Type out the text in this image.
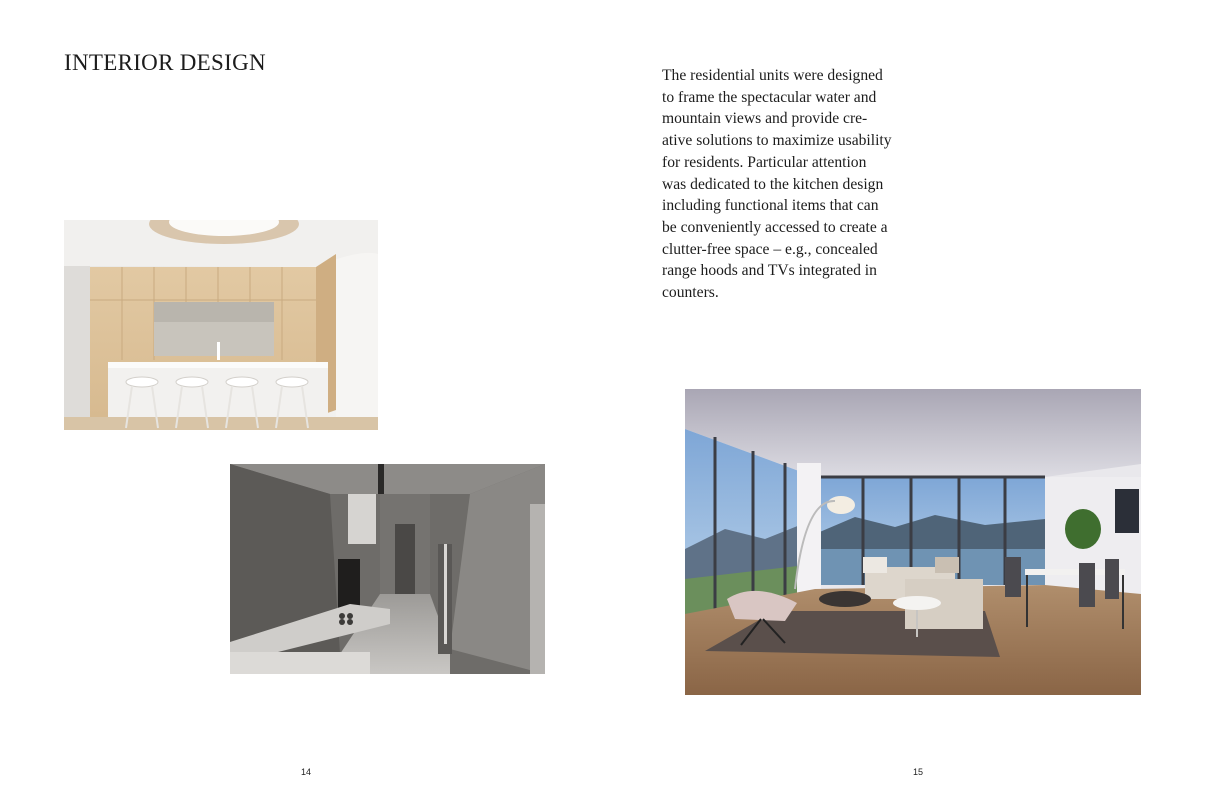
INTERIOR DESIGN

The residential units were designed
to frame the spectacular water and
mountain views and provide cre-
ative solutions to maximize usability
for residents. Particular attention
was dedicated to the kitchen design
including functional items that can
be conveniently accessed to create a
clutter-free space – e.g., concealed
range hoods and TVs integrated in
counters.

14	15
